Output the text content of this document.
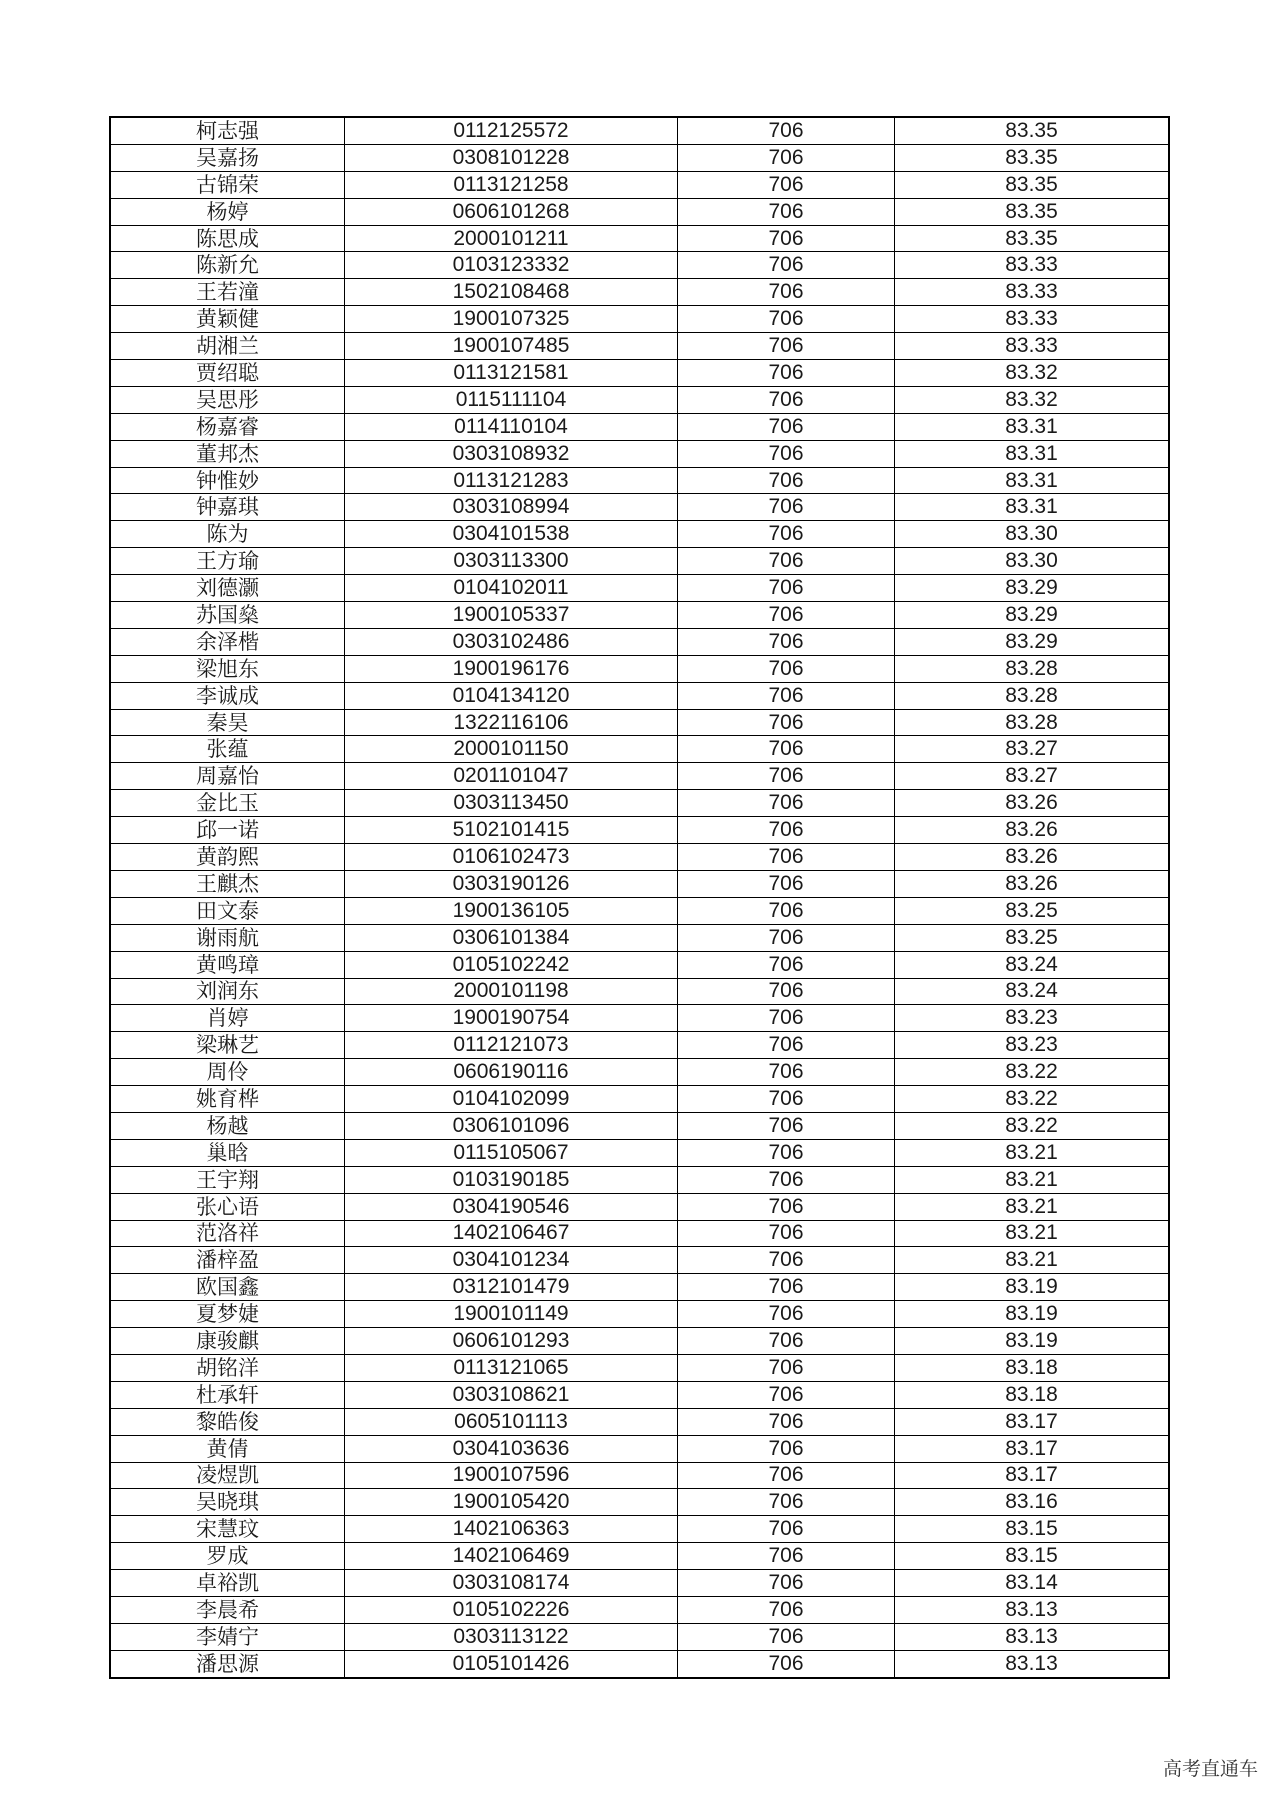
柯志强	0112125572	706	83.35
吴嘉扬	0308101228	706	83.35
古锦荣	0113121258	706	83.35
杨婷	0606101268	706	83.35
陈思成	2000101211	706	83.35
陈新允	0103123332	706	83.33
王若潼	1502108468	706	83.33
黄颖健	1900107325	706	83.33
胡湘兰	1900107485	706	83.33
贾绍聪	0113121581	706	83.32
吴思彤	0115111104	706	83.32
杨嘉睿	0114110104	706	83.31
董邦杰	0303108932	706	83.31
钟惟妙	0113121283	706	83.31
钟嘉琪	0303108994	706	83.31
陈为	0304101538	706	83.30
王方瑜	0303113300	706	83.30
刘德灏	0104102011	706	83.29
苏国燊	1900105337	706	83.29
余泽楷	0303102486	706	83.29
梁旭东	1900196176	706	83.28
李诚成	0104134120	706	83.28
秦昊	1322116106	706	83.28
张蕴	2000101150	706	83.27
周嘉怡	0201101047	706	83.27
金比玉	0303113450	706	83.26
邱一诺	5102101415	706	83.26
黄韵熙	0106102473	706	83.26
王麒杰	0303190126	706	83.26
田文泰	1900136105	706	83.25
谢雨航	0306101384	706	83.25
黄鸣璋	0105102242	706	83.24
刘润东	2000101198	706	83.24
肖婷	1900190754	706	83.23
梁琳艺	0112121073	706	83.23
周伶	0606190116	706	83.22
姚育桦	0104102099	706	83.22
杨越	0306101096	706	83.22
巢晗	0115105067	706	83.21
王宇翔	0103190185	706	83.21
张心语	0304190546	706	83.21
范洛祥	1402106467	706	83.21
潘梓盈	0304101234	706	83.21
欧国鑫	0312101479	706	83.19
夏梦婕	1900101149	706	83.19
康骏麒	0606101293	706	83.19
胡铭洋	0113121065	706	83.18
杜承轩	0303108621	706	83.18
黎皓俊	0605101113	706	83.17
黄倩	0304103636	706	83.17
凌煜凯	1900107596	706	83.17
吴晓琪	1900105420	706	83.16
宋慧玟	1402106363	706	83.15
罗成	1402106469	706	83.15
卓裕凯	0303108174	706	83.14
李晨希	0105102226	706	83.13
李婧宁	0303113122	706	83.13
潘思源	0105101426	706	83.13
高考直通车
